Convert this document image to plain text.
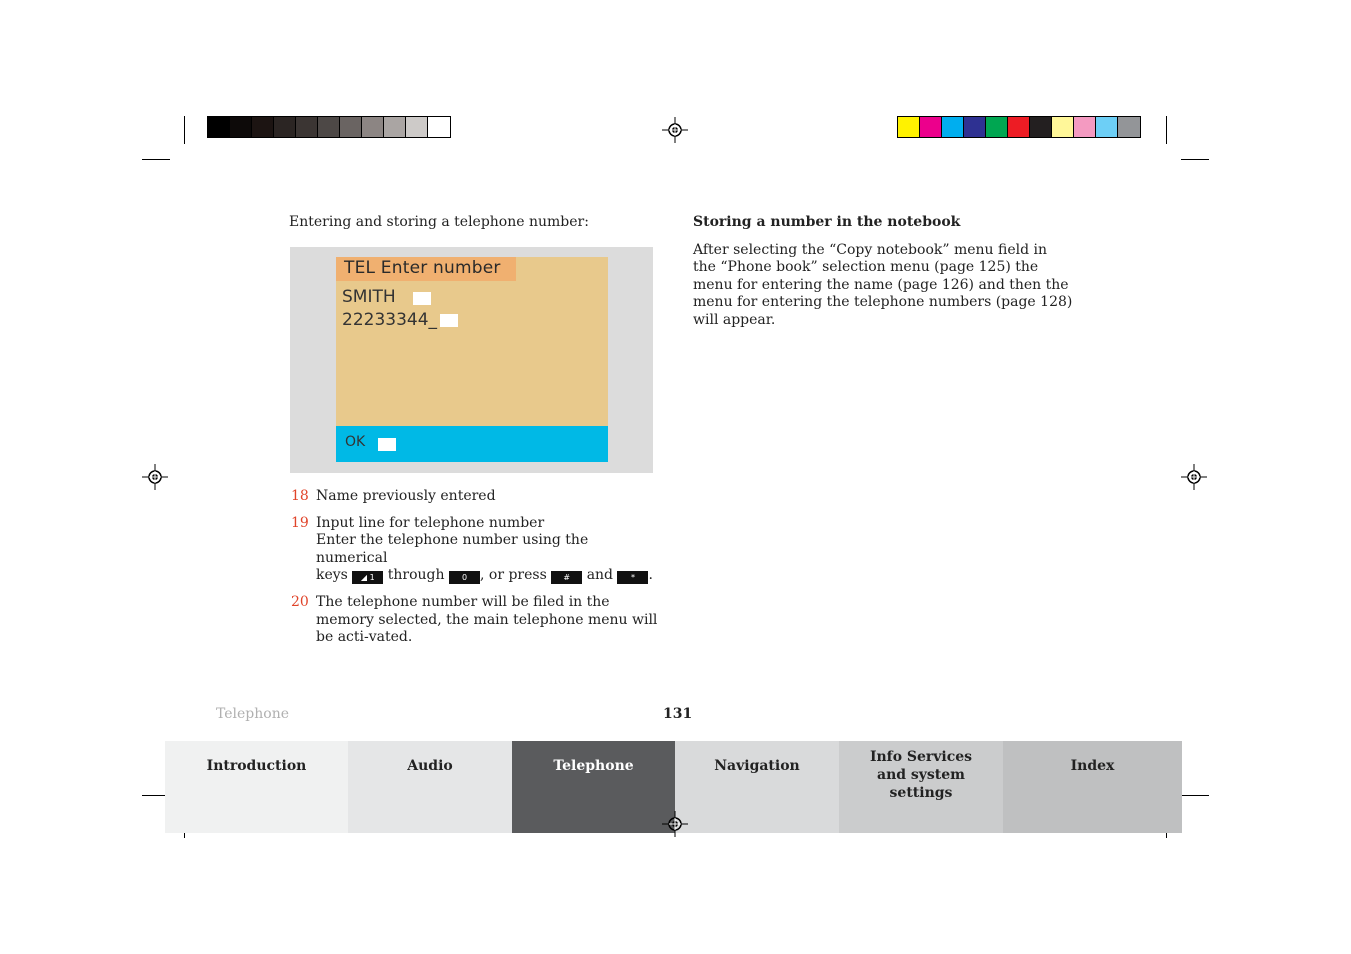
Entering and storing a telephone number:
TEL Enter number
SMITH
22233344_
OK
18 Name previously entered
19 Input line for telephone number
Enter the telephone number using the numerical
keys ◢ 1 through 0 , or press # and * .
20 The telephone number will be filed in the memory selected, the main telephone menu will be acti-vated.
Storing a number in the notebook

After selecting the “Copy notebook” menu field in the “Phone book” selection menu (page 125) the menu for entering the name (page 126) and then the menu for entering the telephone numbers (page 128) will appear.

Telephone	131
Introduction	Audio	Telephone	Navigation
Info Services and system settings
Index
